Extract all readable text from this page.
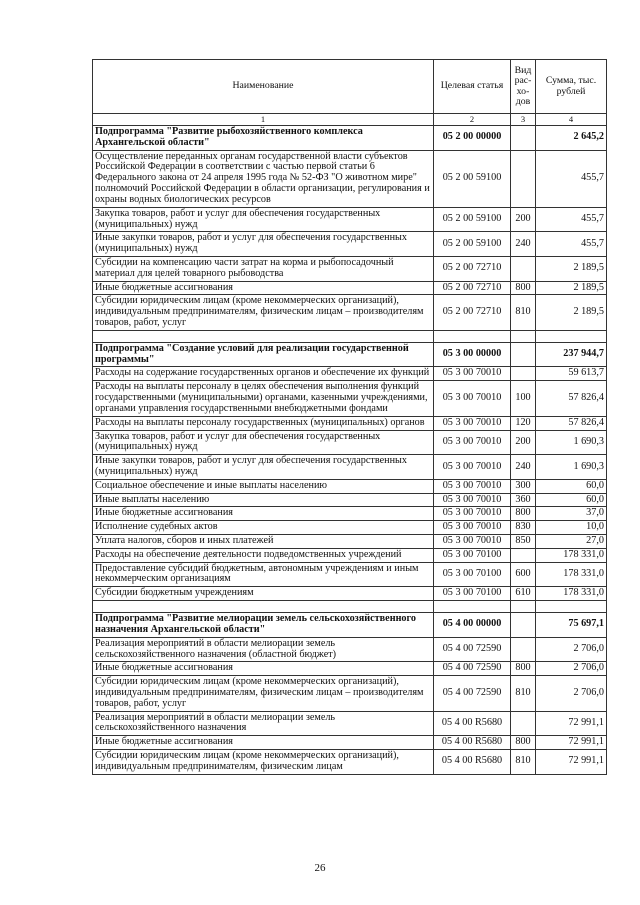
Наименование	Целевая статья	Вид рас- хо- дов	Сумма, тыс. рублей
1	2	3	4
Подпрограмма "Развитие рыбохозяйственного комплекса Архангельской области"	05 2 00 00000		2 645,2
Осуществление переданных органам государственной власти субъектов Российской Федерации в соответствии с частью первой статьи 6 Федерального закона от 24 апреля 1995 года № 52-ФЗ "О животном мире" полномочий Российской Федерации в области организации, регулирования и охраны водных биологических ресурсов	05 2 00 59100		455,7
Закупка товаров, работ и услуг для обеспечения государственных (муниципальных) нужд	05 2 00 59100	200	455,7
Иные закупки товаров, работ и услуг для обеспечения государственных (муниципальных) нужд	05 2 00 59100	240	455,7
Субсидии на компенсацию части затрат на корма и рыбопосадочный материал для целей товарного рыбоводства	05 2 00 72710		2 189,5
Иные бюджетные ассигнования	05 2 00 72710	800	2 189,5
Субсидии юридическим лицам (кроме некоммерческих организаций), индивидуальным предпринимателям, физическим лицам – производителям товаров, работ, услуг	05 2 00 72710	810	2 189,5

Подпрограмма "Создание условий для реализации государственной программы"	05 3 00 00000		237 944,7
Расходы на содержание государственных органов и обеспечение их функций	05 3 00 70010		59 613,7
Расходы на выплаты персоналу в целях обеспечения выполнения функций государственными (муниципальными) органами, казенными учреждениями, органами управления государственными внебюджетными фондами	05 3 00 70010	100	57 826,4
Расходы на выплаты персоналу государственных (муниципальных) органов	05 3 00 70010	120	57 826,4
Закупка товаров, работ и услуг для обеспечения государственных (муниципальных) нужд	05 3 00 70010	200	1 690,3
Иные закупки товаров, работ и услуг для обеспечения государственных (муниципальных) нужд	05 3 00 70010	240	1 690,3
Социальное обеспечение и иные выплаты населению	05 3 00 70010	300	60,0
Иные выплаты населению	05 3 00 70010	360	60,0
Иные бюджетные ассигнования	05 3 00 70010	800	37,0
Исполнение судебных актов	05 3 00 70010	830	10,0
Уплата налогов, сборов и иных платежей	05 3 00 70010	850	27,0
Расходы на обеспечение деятельности подведомственных учреждений	05 3 00 70100		178 331,0
Предоставление субсидий бюджетным, автономным учреждениям и иным некоммерческим организациям	05 3 00 70100	600	178 331,0
Субсидии бюджетным учреждениям	05 3 00 70100	610	178 331,0

Подпрограмма "Развитие мелиорации земель сельскохозяйственного назначения Архангельской области"	05 4 00 00000		75 697,1
Реализация мероприятий в области мелиорации земель сельскохозяйственного назначения (областной бюджет)	05 4 00 72590		2 706,0
Иные бюджетные ассигнования	05 4 00 72590	800	2 706,0
Субсидии юридическим лицам (кроме некоммерческих организаций), индивидуальным предпринимателям, физическим лицам – производителям товаров, работ, услуг	05 4 00 72590	810	2 706,0
Реализация мероприятий в области мелиорации земель сельскохозяйственного назначения	05 4 00 R5680		72 991,1
Иные бюджетные ассигнования	05 4 00 R5680	800	72 991,1
Субсидии юридическим лицам (кроме некоммерческих организаций), индивидуальным предпринимателям, физическим лицам	05 4 00 R5680	810	72 991,1
26
